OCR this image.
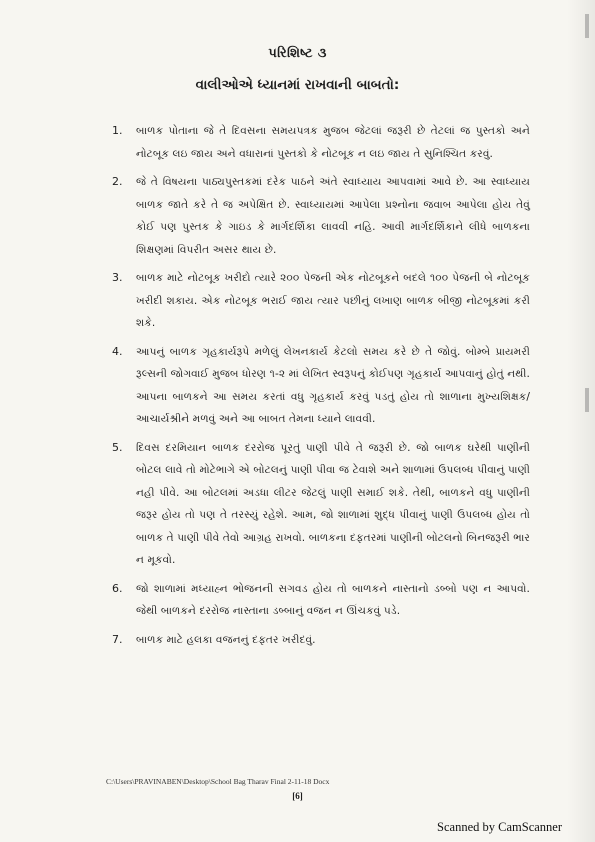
પરિશિષ્ટ ૩
વાલીઓએ ધ્યાનમાં રાખવાની બાબતો:
1. બાળક પોતાના જે તે દિવસના સમયપત્રક મુજબ જેટલાં જરૂરી છે તેટલાં જ પુસ્તકો અને નોટબૂક લઇ જાય અને વધારાનાં પુસ્તકો કે નોટબૂક ન લઇ જાય તે સુનિશ્ચિત કરવું.
2. જે તે વિષયના પાઠ્યપુસ્તકમાં દરેક પાઠને અંતે સ્વાધ્યાય આપવામાં આવે છે. આ સ્વાધ્યાય બાળક જાતે કરે તે જ અપેક્ષિત છે. સ્વાધ્યાયમાં આપેલા પ્રશ્નોના જવાબ આપેલા હોય તેવું કોઈ પણ પુસ્તક કે ગાઇડ કે માર્ગદર્શિકા લાવવી નહિ. આવી માર્ગદર્શિકાને લીધે બાળકના શિક્ષણમાં વિપરીત અસર થાય છે.
3. બાળક માટે નોટબૂક ખરીદો ત્યારે ૨૦૦ પેજની એક નોટબૂકને બદલે ૧૦૦ પેજની બે નોટબૂક ખરીદી શકાય. એક નોટબૂક ભરાઈ જાય ત્યાર પછીનું લખાણ બાળક બીજી નોટબૂકમાં કરી શકે.
4. આપનું બાળક ગૃહકાર્યરૂપે મળેલું લેખનકાર્ય કેટલો સમય કરે છે તે જોવું. બોમ્બે પ્રાયમરી રૂલ્સની જોગવાઈ મુજબ ધોરણ ૧-૨ માં લેખિત સ્વરૂપનું કોઈપણ ગૃહકાર્ય આપવાનું હોતું નથી. આપના બાળકને આ સમય કરતાં વધુ ગૃહકાર્ય કરવું પડતું હોય તો શાળાના મુખ્યશિક્ષક/આચાર્યશ્રીને મળવું અને આ બાબત તેમના ધ્યાને લાવવી.
5. દિવસ દરમિયાન બાળક દરરોજ પૂરતું પાણી પીવે તે જરૂરી છે. જો બાળક ઘરેથી પાણીની બોટલ લાવે તો મોટેભાગે એ બોટલનું પાણી પીવા જ ટેવાશે અને શાળામાં ઉપલબ્ધ પીવાનું પાણી નહી પીવે. આ બોટલમાં અડધા લીટર જેટલું પાણી સમાઈ શકે. તેથી, બાળકને વધુ પાણીની જરૂર હોય તો પણ તે તરસ્યું રહેશે. આમ, જો શાળામાં શુદ્ધ પીવાનું પાણી ઉપલબ્ધ હોય તો બાળક તે પાણી પીવે તેવો આગ્રહ રાખવો. બાળકના દફતરમાં પાણીની બોટલનો બિનજરૂરી ભાર ન મૂકવો.
6. જો શાળામાં મધ્યાહ્ન ભોજનની સગવડ હોય તો બાળકને નાસ્તાનો ડબ્બો પણ ન આપવો. જેથી બાળકને દરરોજ નાસ્તાના ડબ્બાનું વજન ન ઊંચકવું પડે.
7. બાળક માટે હલકા વજનનું દફતર ખરીદવું.
C:\Users\PRAVINABEN\Desktop\School Bag Tharav Final 2-11-18 Docx
[6]
Scanned by CamScanner
